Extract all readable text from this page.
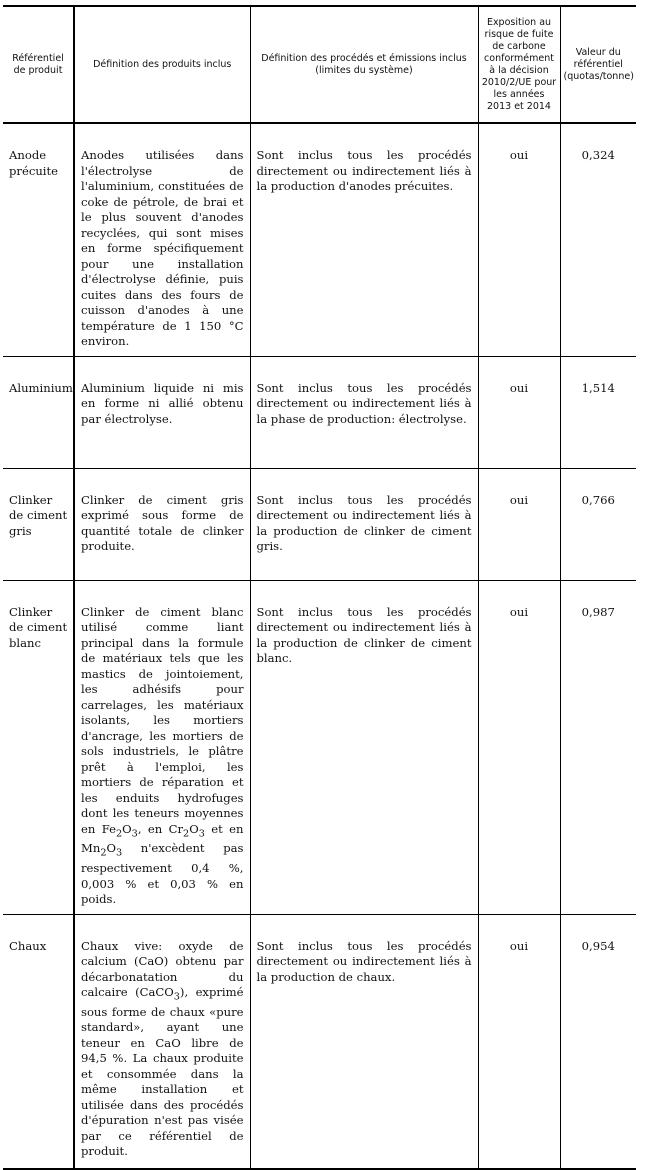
Référentiel de produit	Définition des produits inclus	Définition des procédés et émissions inclus (limites du système)	Exposition au risque de fuite de carbone conformément à la décision 2010/2/UE pour les années 2013 et 2014	Valeur du référentiel (quotas/tonne)
Anode précuite	Anodes utilisées dans l'électrolyse de l'aluminium, constituées de coke de pétrole, de brai et le plus souvent d'anodes recyclées, qui sont mises en forme spécifiquement pour une installation d'électrolyse définie, puis cuites dans des fours de cuisson d'anodes à une température de 1 150 °C environ.	Sont inclus tous les procédés directement ou indirectement liés à la production d'anodes précuites.	oui	0,324
Aluminium	Aluminium liquide ni mis en forme ni allié obtenu par électrolyse.	Sont inclus tous les procédés directement ou indirectement liés à la phase de production: électrolyse.	oui	1,514
Clinker de ciment gris	Clinker de ciment gris exprimé sous forme de quantité totale de clinker produite.	Sont inclus tous les procédés directement ou indirectement liés à la production de clinker de ciment gris.	oui	0,766
Clinker de ciment blanc	Clinker de ciment blanc utilisé comme liant principal dans la formule de matériaux tels que les mastics de jointoiement, les adhésifs pour carrelages, les matériaux isolants, les mortiers d'ancrage, les mortiers de sols industriels, le plâtre prêt à l'emploi, les mortiers de réparation et les enduits hydrofuges dont les teneurs moyennes en $Fe_2O_3$, en $Cr_2O_3$ et en $Mn_2O_3$ n'excèdent pas respectivement 0,4 %, 0,003 % et 0,03 % en poids.	Sont inclus tous les procédés directement ou indirectement liés à la production de clinker de ciment blanc.	oui	0,987
Chaux	Chaux vive: oxyde de calcium (CaO) obtenu par décarbonatation du calcaire (CaCO$_3$), exprimé sous forme de chaux «pure standard», ayant une teneur en CaO libre de 94,5 %. La chaux produite et consommée dans la même installation et utilisée dans des procédés d'épuration n'est pas visée par ce référentiel de produit.	Sont inclus tous les procédés directement ou indirectement liés à la production de chaux.	oui	0,954
